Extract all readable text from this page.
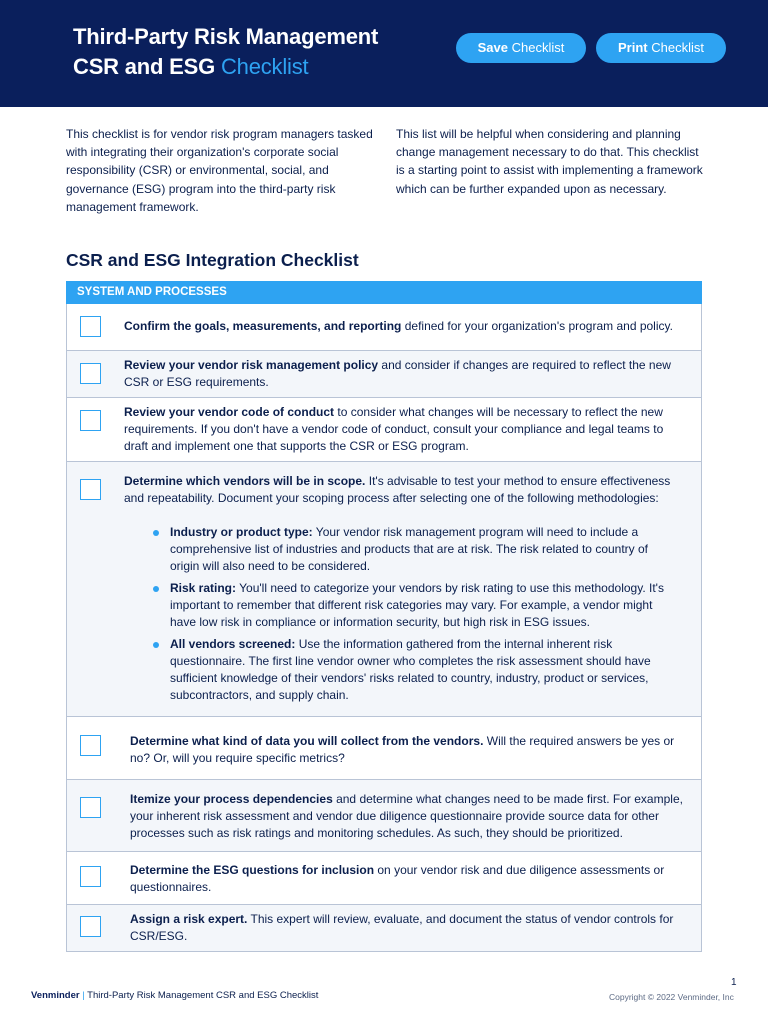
Third-Party Risk Management
CSR and ESG Checklist
Save Checklist	Print Checklist

This checklist is for vendor risk program managers tasked with integrating their organization's corporate social responsibility (CSR) or environmental, social, and governance (ESG) program into the third-party risk management framework.

This list will be helpful when considering and planning change management necessary to do that. This checklist is a starting point to assist with implementing a framework which can be further expanded upon as necessary.

CSR and ESG Integration Checklist
SYSTEM AND PROCESSES
Confirm the goals, measurements, and reporting defined for your organization's program and policy.
Review your vendor risk management policy and consider if changes are required to reflect the new CSR or ESG requirements.
Review your vendor code of conduct to consider what changes will be necessary to reflect the new requirements. If you don't have a vendor code of conduct, consult your compliance and legal teams to draft and implement one that supports the CSR or ESG program.
Determine which vendors will be in scope. It's advisable to test your method to ensure effectiveness and repeatability. Document your scoping process after selecting one of the following methodologies:
Industry or product type: Your vendor risk management program will need to include a comprehensive list of industries and products that are at risk. The risk related to country of origin will also need to be considered.
Risk rating: You'll need to categorize your vendors by risk rating to use this methodology. It's important to remember that different risk categories may vary. For example, a vendor might have low risk in compliance or information security, but high risk in ESG issues.
All vendors screened: Use the information gathered from the internal inherent risk questionnaire. The first line vendor owner who completes the risk assessment should have sufficient knowledge of their vendors' risks related to country, industry, product or services, subcontractors, and supply chain.
Determine what kind of data you will collect from the vendors. Will the required answers be yes or no? Or, will you require specific metrics?
Itemize your process dependencies and determine what changes need to be made first. For example, your inherent risk assessment and vendor due diligence questionnaire provide source data for other processes such as risk ratings and monitoring schedules. As such, they should be prioritized.
Determine the ESG questions for inclusion on your vendor risk and due diligence assessments or questionnaires.
Assign a risk expert. This expert will review, evaluate, and document the status of vendor controls for CSR/ESG.
1
Venminder | Third-Party Risk Management CSR and ESG Checklist	Copyright © 2022 Venminder, Inc
